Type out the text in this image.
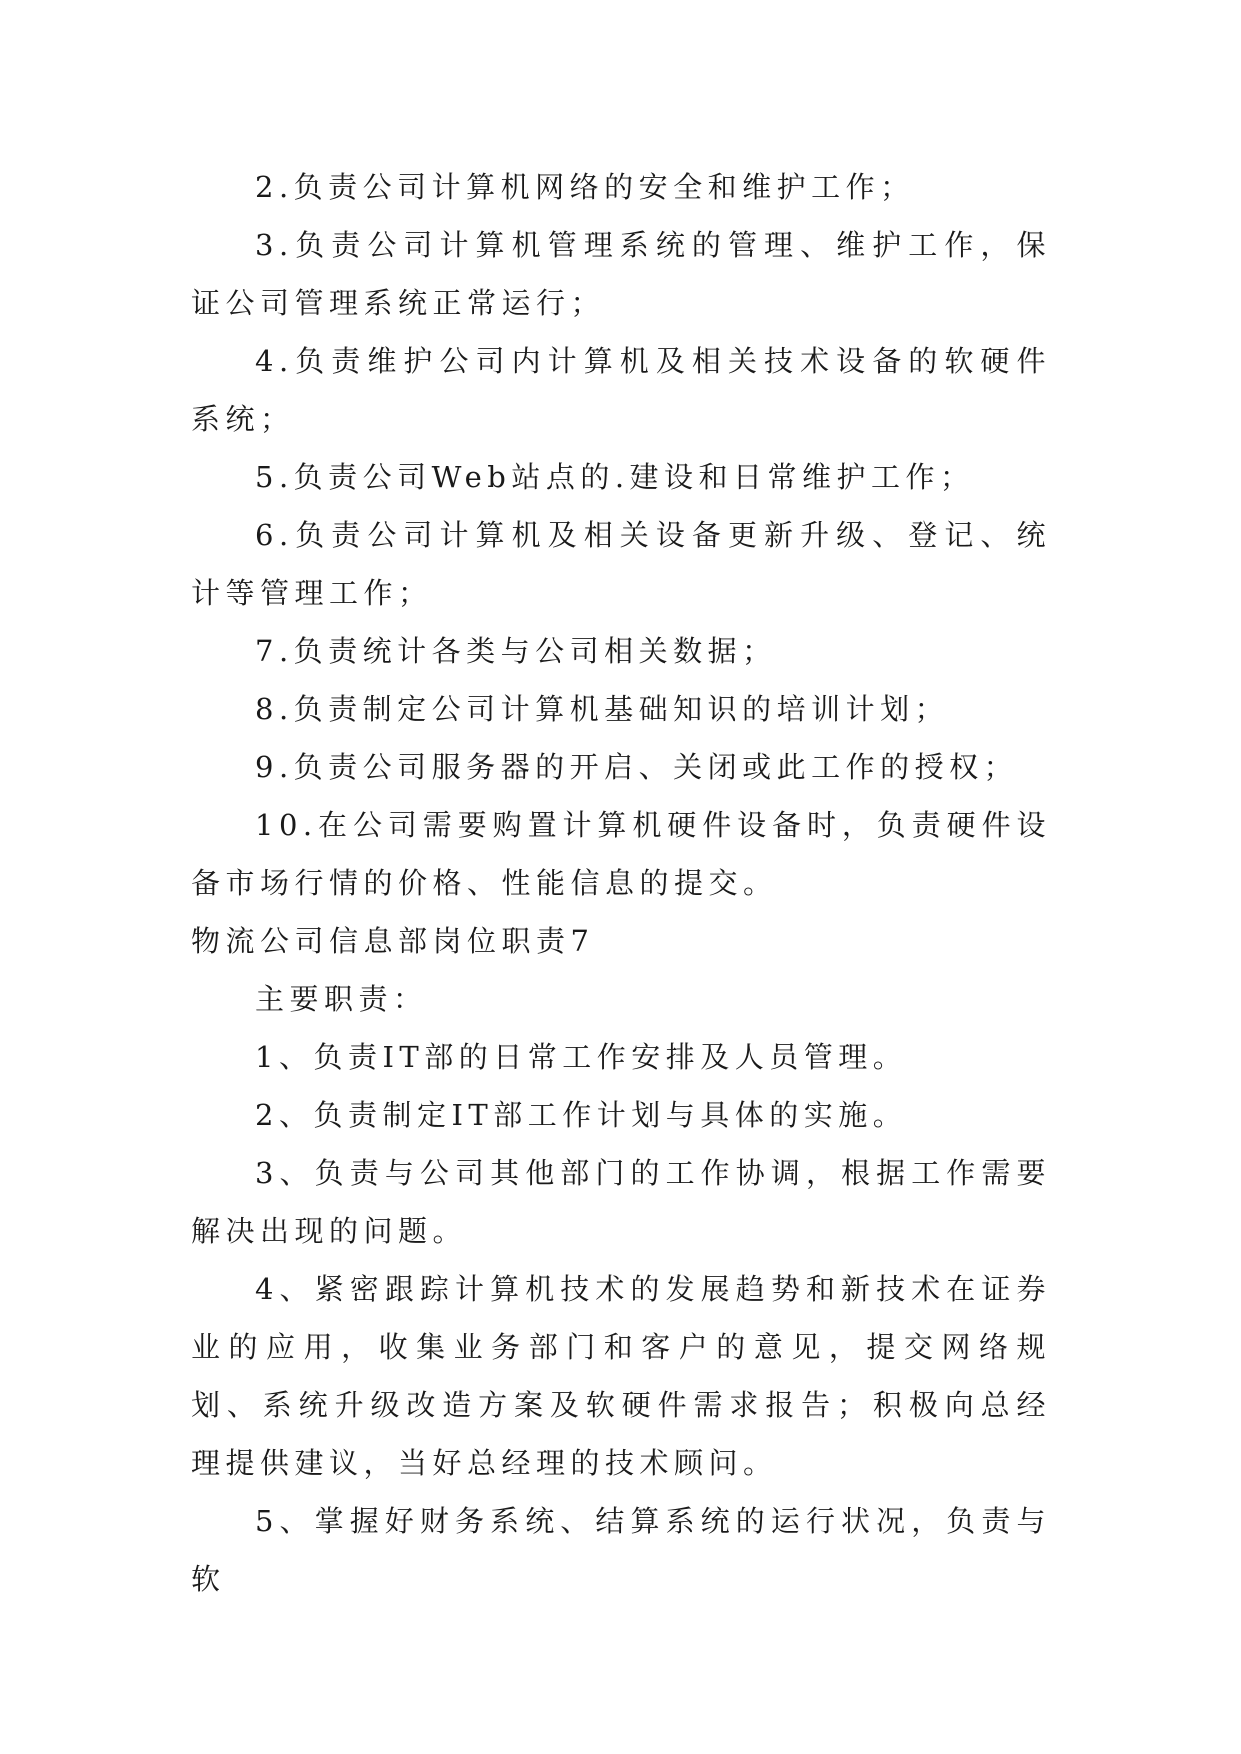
2.负责公司计算机网络的安全和维护工作；

3.负责公司计算机管理系统的管理、维护工作，保证公司管理系统正常运行；

4.负责维护公司内计算机及相关技术设备的软硬件系统；

5.负责公司Web站点的.建设和日常维护工作；

6.负责公司计算机及相关设备更新升级、登记、统计等管理工作；

7.负责统计各类与公司相关数据；

8.负责制定公司计算机基础知识的培训计划；

9.负责公司服务器的开启、关闭或此工作的授权；

10.在公司需要购置计算机硬件设备时，负责硬件设备市场行情的价格、性能信息的提交。

物流公司信息部岗位职责7

主要职责：

1、负责IT部的日常工作安排及人员管理。

2、负责制定IT部工作计划与具体的实施。

3、负责与公司其他部门的工作协调，根据工作需要解决出现的问题。

4、紧密跟踪计算机技术的发展趋势和新技术在证券业的应用，收集业务部门和客户的意见，提交网络规划、系统升级改造方案及软硬件需求报告；积极向总经理提供建议，当好总经理的技术顾问。

5、掌握好财务系统、结算系统的运行状况，负责与软
